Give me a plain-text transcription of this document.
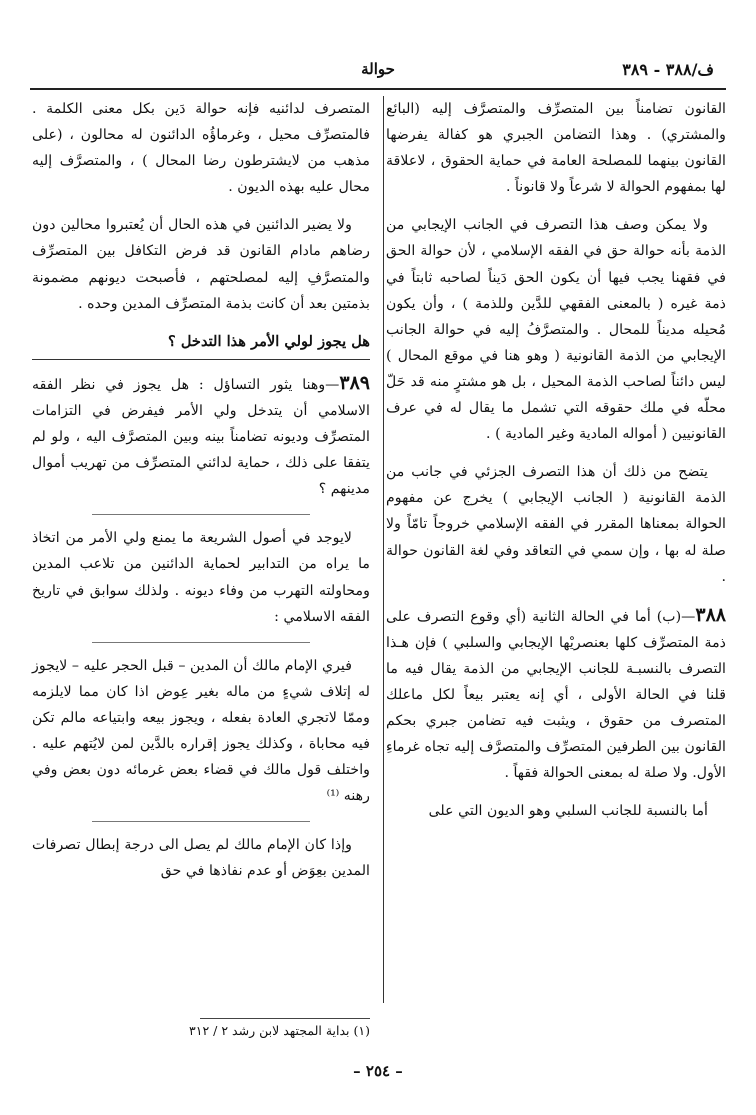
ف/٣٨٨ - ٣٨٩
حوالة

القانون تضامناً بين المتصرِّف والمتصرَّف إليه (البائع والمشتري) . وهذا التضامن الجبري هو كفالة يفرضها القانون بينهما للمصلحة العامة في حماية الحقوق ، لاعلاقة لها بمفهوم الحوالة لا شرعاً ولا قانوناً .

ولا يمكن وصف هذا التصرف في الجانب الإيجابي من الذمة بأنه حوالة حق في الفقه الإسلامي ، لأن حوالة الحق في فقهنا يجب فيها أن يكون الحق دَيناً لصاحبه ثابتاً في ذمة غيره ( بالمعنى الفقهي للدَّين وللذمة ) ، وأن يكون مُحيله مديناً للمحال . والمتصرَّفُ إليه في حوالة الجانب الإيجابي من الذمة القانونية ( وهو هنا في موقع المحال ) ليس دائناً لصاحب الذمة المحيل ، بل هو مشترٍ منه قد حَلّ محلّه في ملك حقوقه التي تشمل ما يقال له في عرف القانونيين ( أمواله المادية وغير المادية ) .

يتضح من ذلك أن هذا التصرف الجزئي في جانب من الذمة القانونية ( الجانب الإيجابي ) يخرج عن مفهوم الحوالة بمعناها المقرر في الفقه الإسلامي خروجاً تامّاً ولا صلة له بها ، وإن سمي في التعاقد وفي لغة القانون حوالة .

٣٨٨—(ب) أما في الحالة الثانية (أي وقوع التصرف على ذمة المتصرِّف كلها بعنصريْها الإيجابي والسلبي ) فإن هـذا التصرف بالنسبـة للجانب الإيجابي من الذمة يقال فيه ما قلنا في الحالة الأولى ، أي إنه يعتبر بيعاً لكل ماعلك المتصرف من حقوق ، ويثبت فيه تضامن جبري بحكم القانون بين الطرفين المتصرِّف والمتصرَّف إليه تجاه غرماءِ الأول. ولا صلة له بمعنى الحوالة فقهاً .

أما بالنسبة للجانب السلبي وهو الديون التي على

المتصرف لدائنيه فإنه حوالة دَين بكل معنى الكلمة . فالمتصرِّف محيل ، وغرماؤُه الدائنون له محالون ، (على مذهب من لايشترطون رضا المحال ) ، والمتصرَّف إليه محال عليه بهذه الديون .

ولا يضير الدائنين في هذه الحال أن يُعتبروا محالين دون رضاهم مادام القانون قد فرض التكافل بين المتصرِّف والمتصرَّفِ إليه لمصلحتهم ، فأصبحت ديونهم مضمونة بذمتين بعد أن كانت بذمة المتصرِّف المدين وحده .

هل يجوز لولي الأمر هذا التدخل ؟

٣٨٩—وهنا يثور التساؤل : هل يجوز في نظر الفقه الاسلامي أن يتدخل ولي الأمر فيفرض في التزامات المتصرِّف وديونه تضامناً بينه وبين المتصرَّف اليه ، ولو لم يتفقا على ذلك ، حماية لدائني المتصرِّف من تهريب أموال مدينهم ؟

لايوجد في أصول الشريعة ما يمنع ولي الأمر من اتخاذ ما يراه من التدابير لحماية الدائنين من تلاعب المدين ومحاولته التهرب من وفاء ديونه . ولذلك سوابق في تاريخ الفقه الاسلامي :

فيري الإمام مالك أن المدين – قبل الحجر عليه – لايجوز له إتلاف شيءٍ من ماله بغير عِوض اذا كان مما لايلزمه وممّا لاتجري العادة بفعله ، ويجوز بيعه وابتياعه مالم تكن فيه محاباة ، وكذلك يجوز إقراره بالدَّين لمن لايُتهم عليه . واختلف قول مالك في قضاء بعض غرمائه دون بعض وفي رهنه ⁽¹⁾

وإذا كان الإمام مالك لم يصل الى درجة إبطال تصرفات المدين بعِوَض أو عدم نفاذها في حق

(١) بداية المجتهد لابن رشد ٢ / ٣١٢
– ٢٥٤ –
